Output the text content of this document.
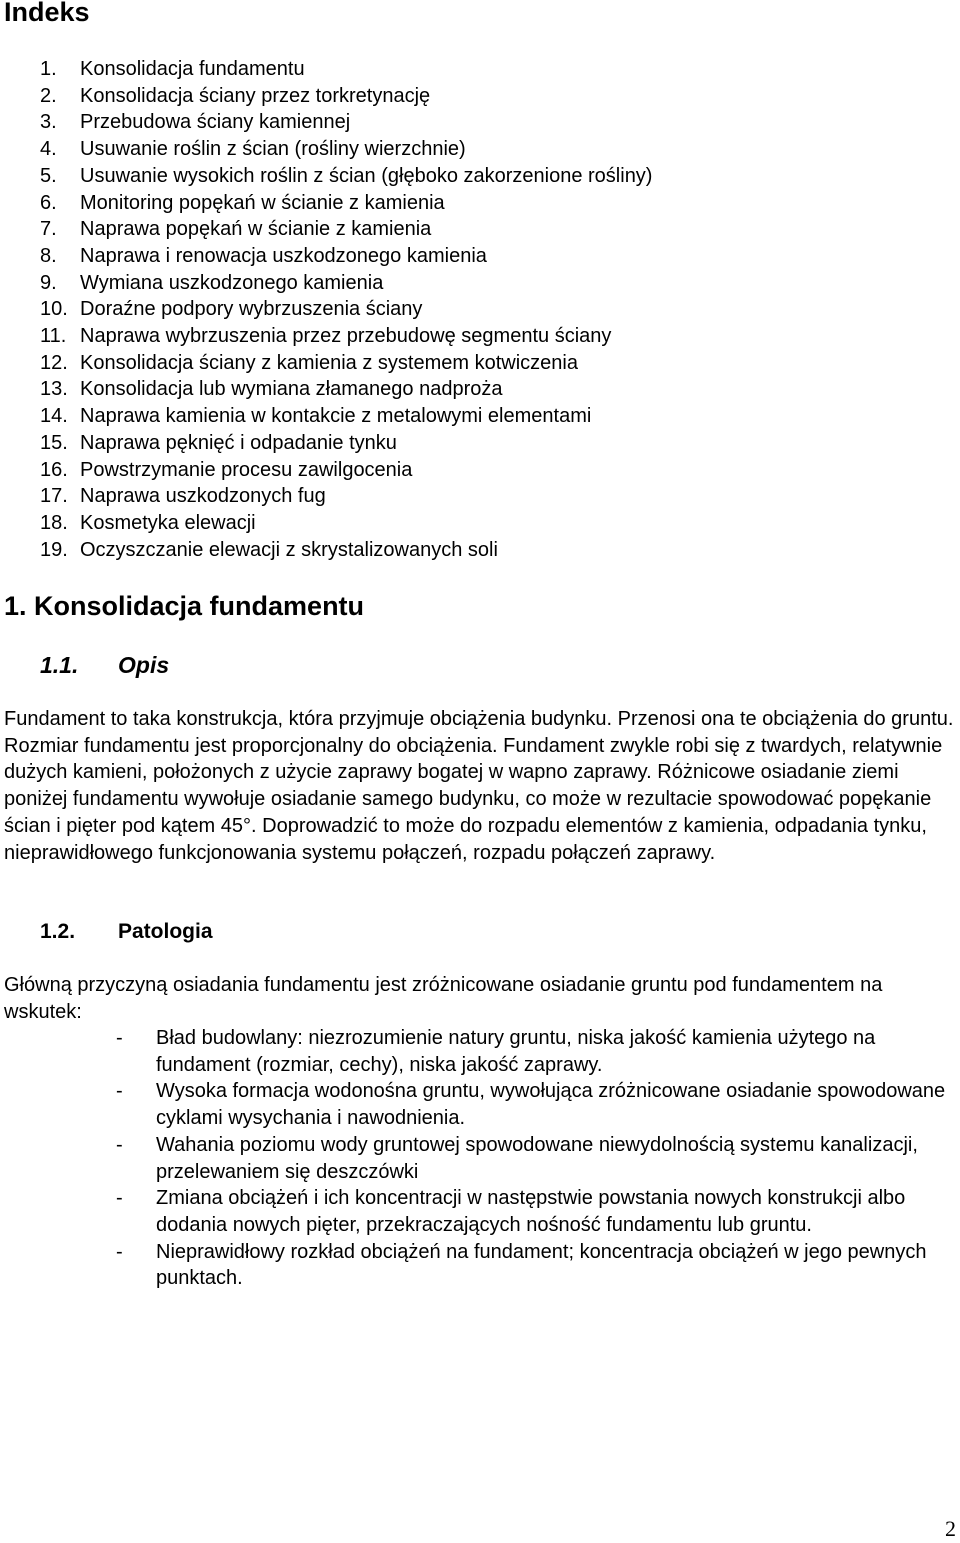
Indeks
1.	Konsolidacja fundamentu
2.	Konsolidacja ściany przez torkretynację
3.	Przebudowa ściany kamiennej
4.	Usuwanie roślin z ścian (rośliny wierzchnie)
5.	Usuwanie wysokich roślin z ścian (głęboko zakorzenione rośliny)
6.	Monitoring popękań w ścianie z kamienia
7.	Naprawa popękań w ścianie z kamienia
8.	Naprawa i renowacja uszkodzonego kamienia
9.	Wymiana uszkodzonego kamienia
10. Doraźne podpory wybrzuszenia ściany
11. Naprawa wybrzuszenia przez przebudowę segmentu ściany
12. Konsolidacja ściany z kamienia z systemem kotwiczenia
13. Konsolidacja lub wymiana złamanego nadproża
14. Naprawa kamienia w kontakcie z metalowymi elementami
15. Naprawa pęknięć i odpadanie tynku
16. Powstrzymanie procesu zawilgocenia
17. Naprawa uszkodzonych fug
18. Kosmetyka elewacji
19. Oczyszczanie elewacji z skrystalizowanych soli
1. Konsolidacja fundamentu
1.1. Opis

Fundament to taka konstrukcja, która przyjmuje obciążenia budynku. Przenosi ona te obciążenia do gruntu. Rozmiar fundamentu jest proporcjonalny do obciążenia. Fundament zwykle robi się z twardych, relatywnie dużych kamieni, położonych z użycie zaprawy bogatej w wapno zaprawy. Różnicowe osiadanie ziemi poniżej fundamentu wywołuje osiadanie samego budynku, co może w rezultacie spowodować popękanie ścian i pięter pod kątem 45°. Doprowadzić to może do rozpadu elementów z kamienia, odpadania tynku, nieprawidłowego funkcjonowania systemu połączeń, rozpadu połączeń zaprawy.

1.2. Patologia

Główną przyczyną osiadania fundamentu jest zróżnicowane osiadanie gruntu pod fundamentem na wskutek:

-	Bład budowlany: niezrozumienie natury gruntu, niska jakość kamienia użytego na fundament (rozmiar, cechy), niska jakość zaprawy.
-	Wysoka formacja wodonośna gruntu, wywołująca zróżnicowane osiadanie spowodowane cyklami wysychania i nawodnienia.
-	Wahania poziomu wody gruntowej spowodowane niewydolnością systemu kanalizacji, przelewaniem się deszczówki
-	Zmiana obciążeń i ich koncentracji w następstwie powstania nowych konstrukcji albo dodania nowych pięter, przekraczających nośność fundamentu lub gruntu.
-	Nieprawidłowy rozkład obciążeń na fundament; koncentracja obciążeń w jego pewnych punktach.
2
